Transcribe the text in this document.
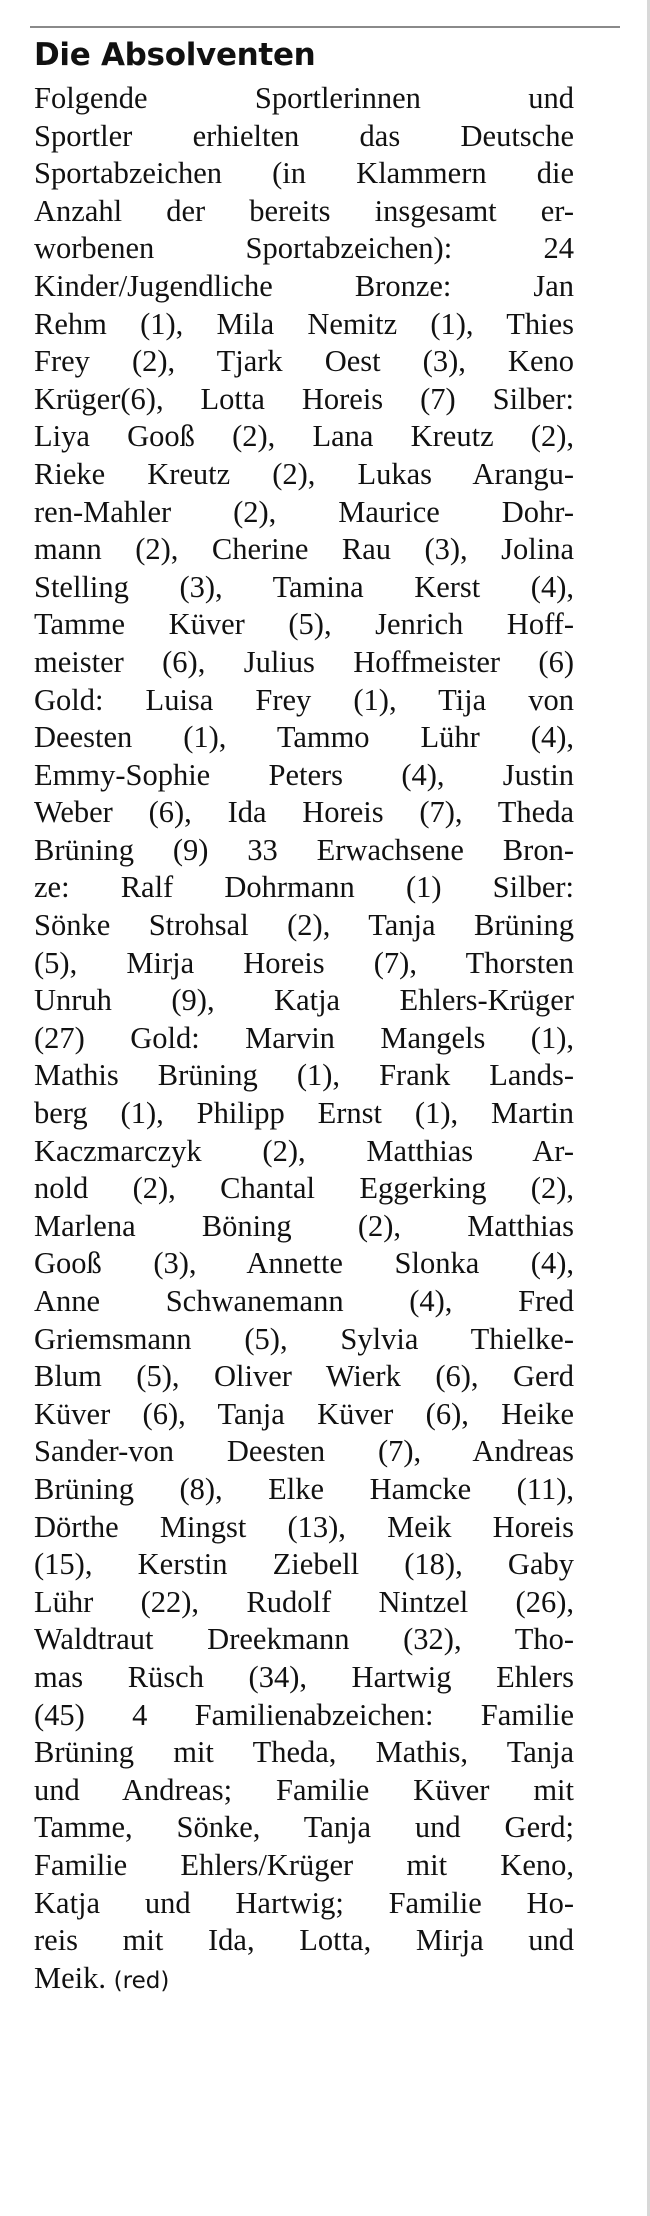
Die Absolventen
Folgende Sportlerinnen und
Sportler erhielten das Deutsche
Sportabzeichen (in Klammern die
Anzahl der bereits insgesamt er-
worbenen Sportabzeichen): 24
Kinder/Jugendliche Bronze: Jan
Rehm (1), Mila Nemitz (1), Thies
Frey (2), Tjark Oest (3), Keno
Krüger(6), Lotta Horeis (7) Silber:
Liya Gooß (2), Lana Kreutz (2),
Rieke Kreutz (2), Lukas Arangu-
ren-Mahler (2), Maurice Dohr-
mann (2), Cherine Rau (3), Jolina
Stelling (3), Tamina Kerst (4),
Tamme Küver (5), Jenrich Hoff-
meister (6), Julius Hoffmeister (6)
Gold: Luisa Frey (1), Tija von
Deesten (1), Tammo Lühr (4),
Emmy-Sophie Peters (4), Justin
Weber (6), Ida Horeis (7), Theda
Brüning (9) 33 Erwachsene Bron-
ze: Ralf Dohrmann (1) Silber:
Sönke Strohsal (2), Tanja Brüning
(5), Mirja Horeis (7), Thorsten
Unruh (9), Katja Ehlers-Krüger
(27) Gold: Marvin Mangels (1),
Mathis Brüning (1), Frank Lands-
berg (1), Philipp Ernst (1), Martin
Kaczmarczyk (2), Matthias Ar-
nold (2), Chantal Eggerking (2),
Marlena Böning (2), Matthias
Gooß (3), Annette Slonka (4),
Anne Schwanemann (4), Fred
Griemsmann (5), Sylvia Thielke-
Blum (5), Oliver Wierk (6), Gerd
Küver (6), Tanja Küver (6), Heike
Sander-von Deesten (7), Andreas
Brüning (8), Elke Hamcke (11),
Dörthe Mingst (13), Meik Horeis
(15), Kerstin Ziebell (18), Gaby
Lühr (22), Rudolf Nintzel (26),
Waldtraut Dreekmann (32), Tho-
mas Rüsch (34), Hartwig Ehlers
(45) 4 Familienabzeichen: Familie
Brüning mit Theda, Mathis, Tanja
und Andreas; Familie Küver mit
Tamme, Sönke, Tanja und Gerd;
Familie Ehlers/Krüger mit Keno,
Katja und Hartwig; Familie Ho-
reis mit Ida, Lotta, Mirja und
Meik. (red)
